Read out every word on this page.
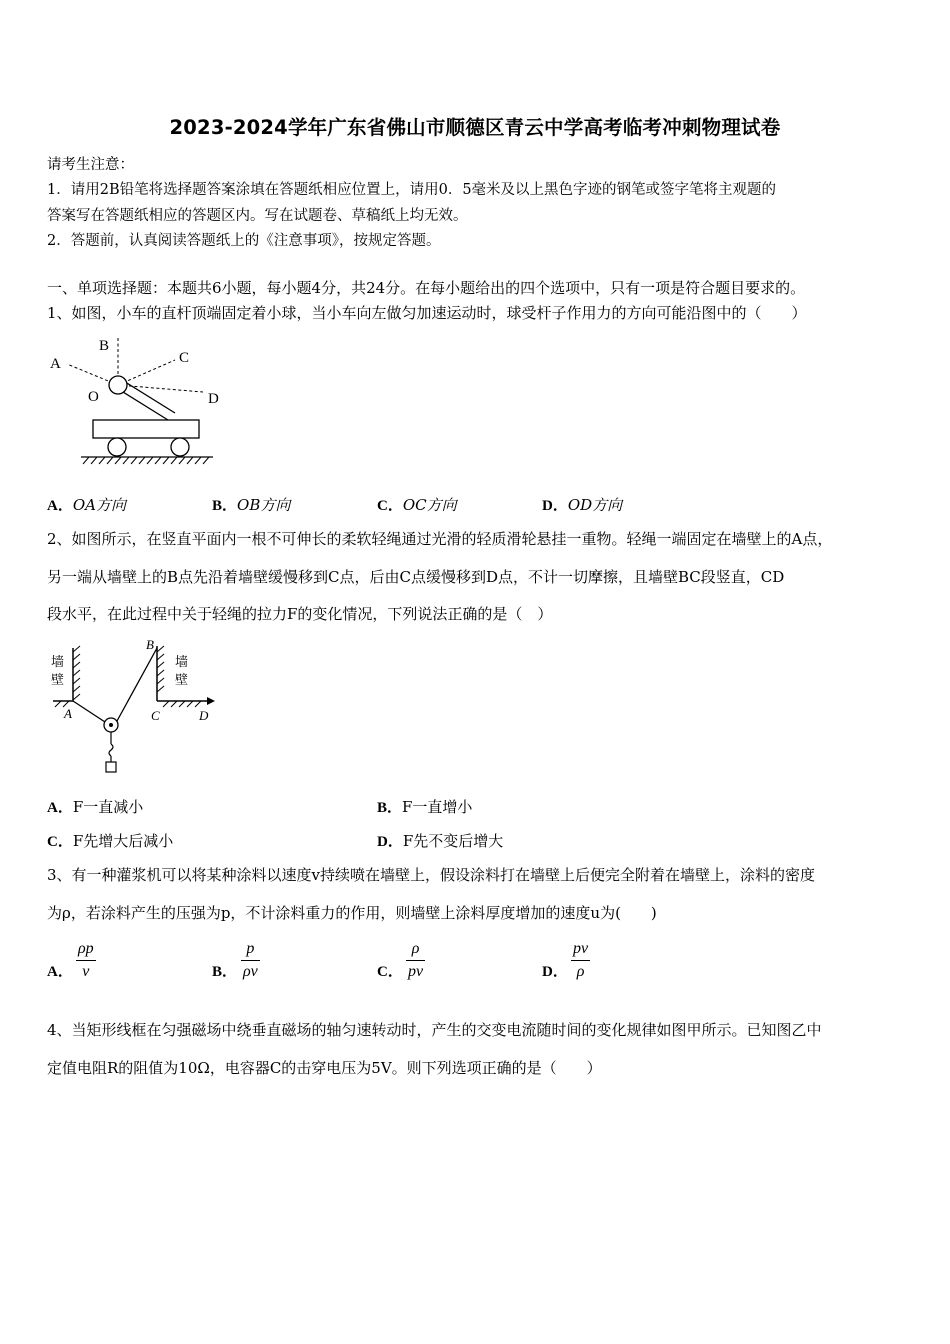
2023-2024学年广东省佛山市顺德区青云中学高考临考冲刺物理试卷
请考生注意：
1．请用2B铅笔将选择题答案涂填在答题纸相应位置上，请用0．5毫米及以上黑色字迹的钢笔或签字笔将主观题的
答案写在答题纸相应的答题区内。写在试题卷、草稿纸上均无效。
2．答题前，认真阅读答题纸上的《注意事项》，按规定答题。
一、单项选择题：本题共6小题，每小题4分，共24分。在每小题给出的四个选项中，只有一项是符合题目要求的。
1、如图，小车的直杆顶端固定着小球，当小车向左做匀加速运动时，球受杆子作用力的方向可能沿图中的（　　）
A
B
C
D
O
A．OA方向	B．OB方向	C．OC方向	D．OD方向
2、如图所示，在竖直平面内一根不可伸长的柔软轻绳通过光滑的轻质滑轮悬挂一重物。轻绳一端固定在墙壁上的A点，
另一端从墙壁上的B点先沿着墙壁缓慢移到C点，后由C点缓慢移到D点，不计一切摩擦，且墙壁BC段竖直，CD
段水平，在此过程中关于轻绳的拉力F的变化情况，下列说法正确的是（　）
墙
壁
墙
壁
A
B
C	D
A．F一直减小	B．F一直增小
C．F先增大后减小	D．F先不变后增大
3、有一种灌浆机可以将某种涂料以速度v持续喷在墙壁上，假设涂料打在墙壁上后便完全附着在墙壁上，涂料的密度
为ρ，若涂料产生的压强为p，不计涂料重力的作用，则墙壁上涂料厚度增加的速度u为(　　)
A．
ρp
v	B．
p
ρv	C．
ρ
pv	D．
pv
ρ
4、当矩形线框在匀强磁场中绕垂直磁场的轴匀速转动时，产生的交变电流随时间的变化规律如图甲所示。已知图乙中
定值电阻R的阻值为10Ω，电容器C的击穿电压为5V。则下列选项正确的是（　　）
